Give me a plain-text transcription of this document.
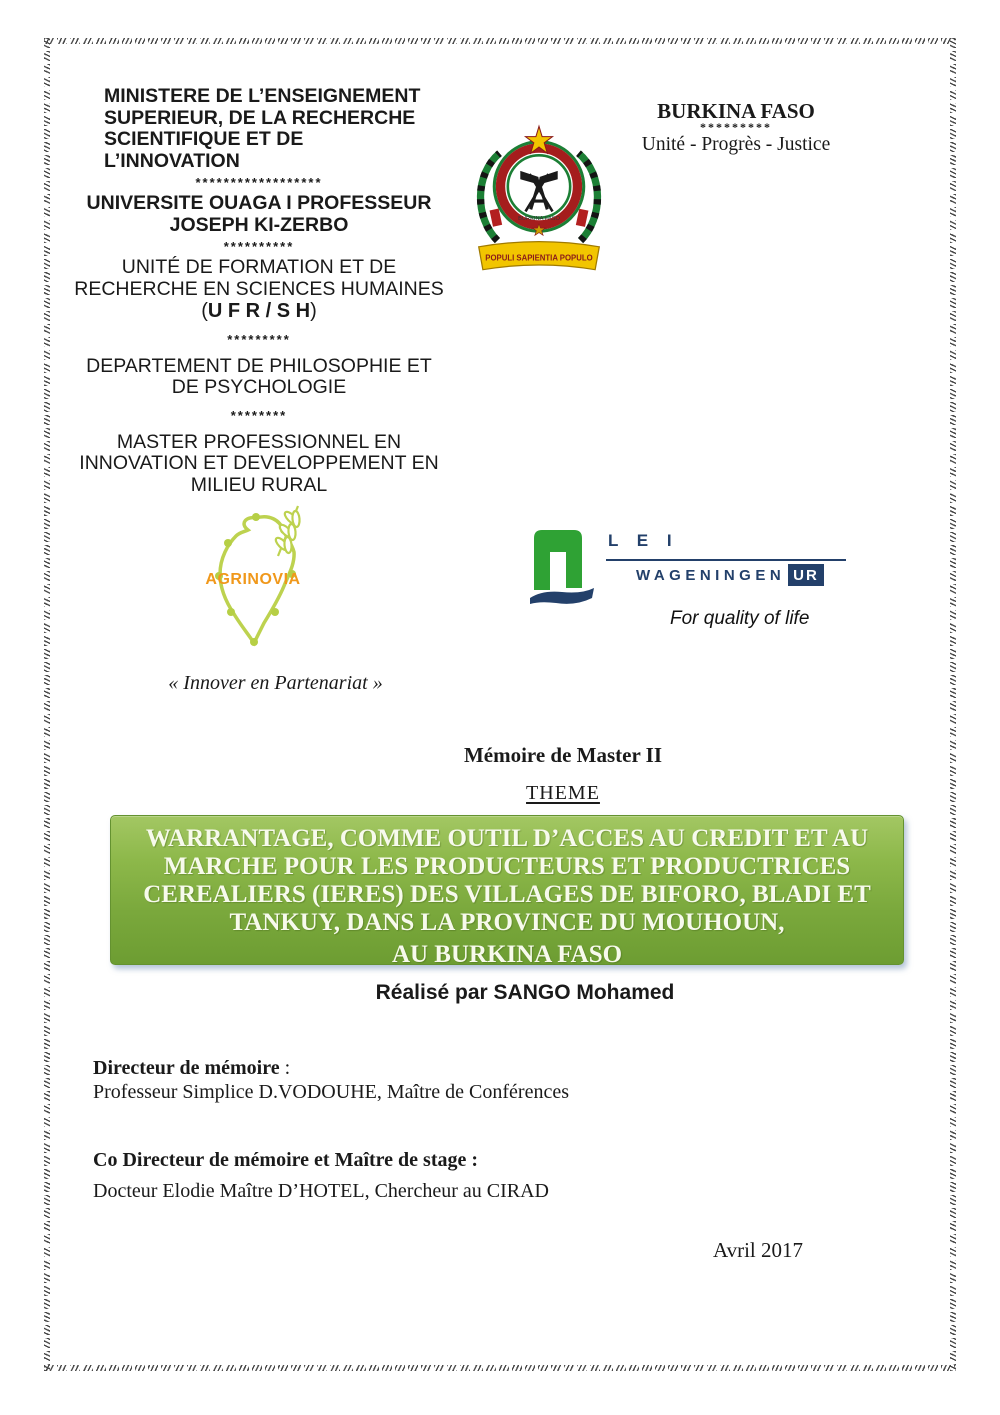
MINISTERE DE L’ENSEIGNEMENT
SUPERIEUR, DE LA RECHERCHE
SCIENTIFIQUE ET DE
L’INNOVATION
******************
UNIVERSITE OUAGA I PROFESSEUR
JOSEPH KI-ZERBO
**********
UNITÉ DE FORMATION ET DE
RECHERCHE EN SCIENCES HUMAINES
(U F R / S H)
*********
DEPARTEMENT DE PHILOSOPHIE ET
DE PSYCHOLOGIE
********
MASTER PROFESSIONNEL EN
INNOVATION ET DEVELOPPEMENT EN
MILIEU RURAL
BURKINA FASO
POPULI SAPIENTIA POPULO
BURKINA FASO
*********
Unité - Progrès - Justice
AGRINOVIA
L E I
WAGENINGEN UR
For quality of life
« Innover en Partenariat »
Mémoire de Master II
THEME
WARRANTAGE, COMME OUTIL D’ACCES AU CREDIT ET AU
MARCHE POUR LES PRODUCTEURS ET PRODUCTRICES
CEREALIERS (IERES) DES VILLAGES DE BIFORO, BLADI ET
TANKUY, DANS LA PROVINCE DU MOUHOUN,
AU BURKINA FASO
Réalisé par SANGO Mohamed
Directeur de mémoire :
Professeur Simplice D.VODOUHE, Maître de Conférences
Co Directeur de mémoire et Maître de stage :
Docteur Elodie Maître D’HOTEL, Chercheur au CIRAD
Avril 2017
